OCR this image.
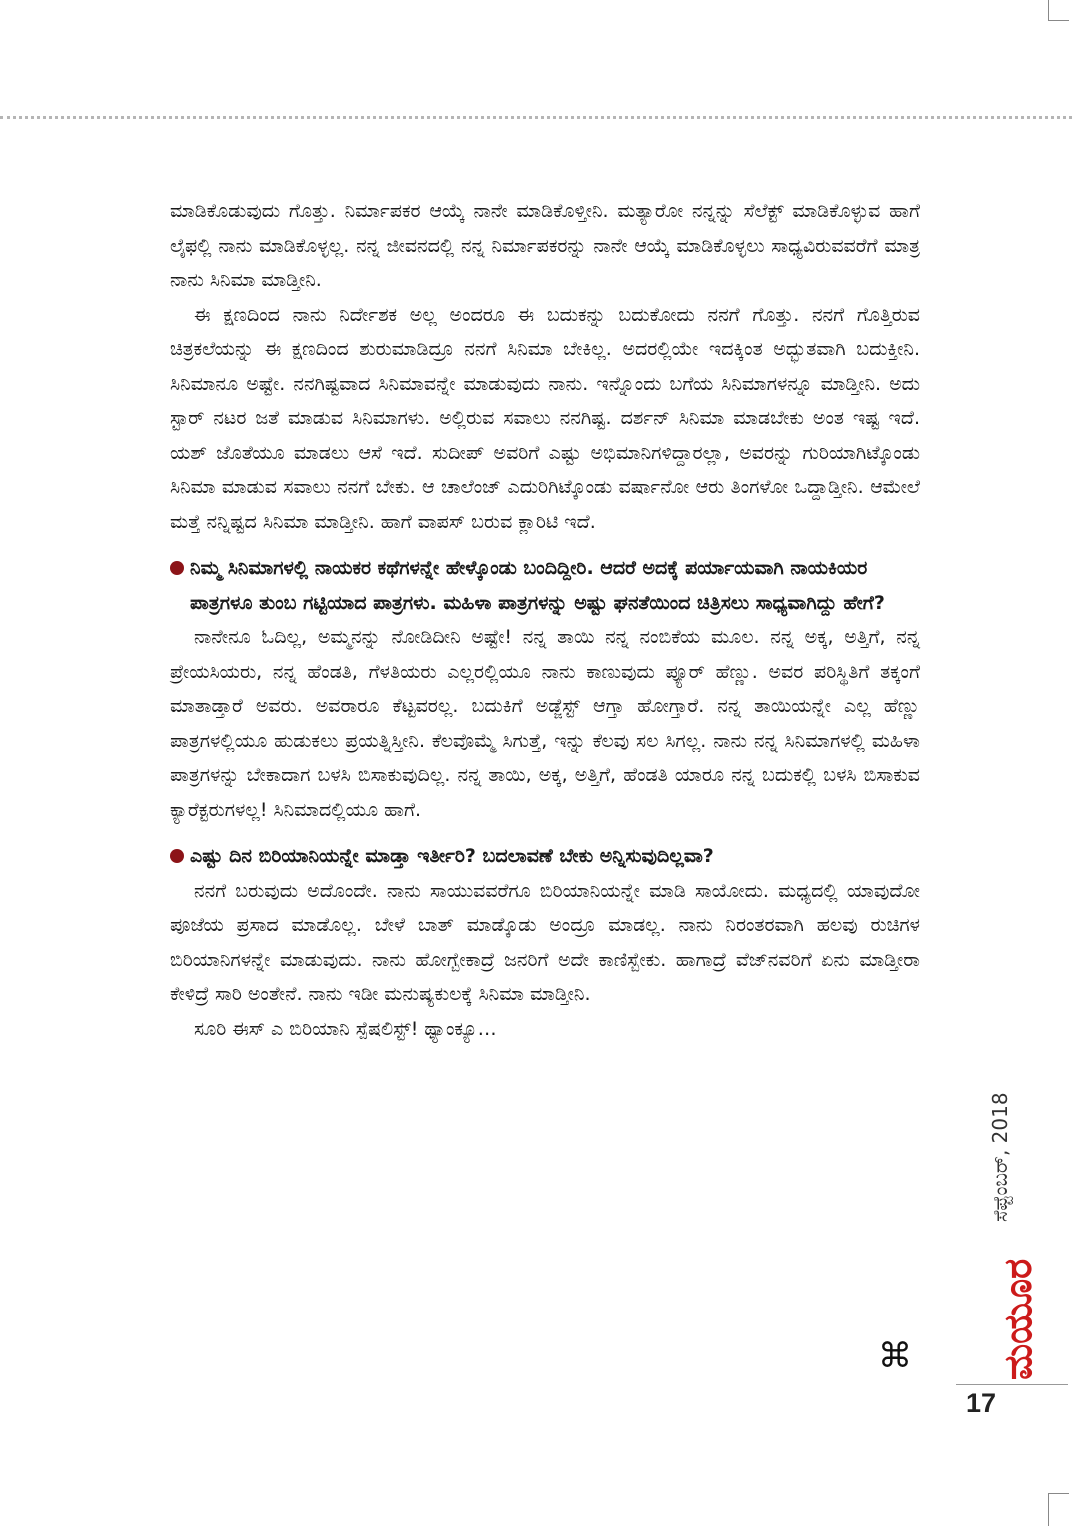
ಮಾಡಿಕೊಡುವುದು ಗೊತ್ತು. ನಿರ್ಮಾಪಕರ ಆಯ್ಕೆ ನಾನೇ ಮಾಡಿಕೊಳ್ತೀನಿ. ಮತ್ಯಾರೋ ನನ್ನನ್ನು ಸೆಲೆಕ್ಟ್ ಮಾಡಿಕೊಳ್ಳುವ ಹಾಗೆ ಲೈಫಲ್ಲಿ ನಾನು ಮಾಡಿಕೊಳ್ಳಲ್ಲ. ನನ್ನ ಜೀವನದಲ್ಲಿ ನನ್ನ ನಿರ್ಮಾಪಕರನ್ನು ನಾನೇ ಆಯ್ಕೆ ಮಾಡಿಕೊಳ್ಳಲು ಸಾಧ್ಯವಿರುವವರೆಗೆ ಮಾತ್ರ ನಾನು ಸಿನಿಮಾ ಮಾಡ್ತೀನಿ.

ಈ ಕ್ಷಣದಿಂದ ನಾನು ನಿರ್ದೇಶಕ ಅಲ್ಲ ಅಂದರೂ ಈ ಬದುಕನ್ನು ಬದುಕೋದು ನನಗೆ ಗೊತ್ತು. ನನಗೆ ಗೊತ್ತಿರುವ ಚಿತ್ರಕಲೆಯನ್ನು ಈ ಕ್ಷಣದಿಂದ ಶುರುಮಾಡಿದ್ರೂ ನನಗೆ ಸಿನಿಮಾ ಬೇಕಿಲ್ಲ. ಅದರಲ್ಲಿಯೇ ಇದಕ್ಕಿಂತ ಅದ್ಭುತವಾಗಿ ಬದುಕ್ತೀನಿ. ಸಿನಿಮಾನೂ ಅಷ್ಟೇ. ನನಗಿಷ್ಟವಾದ ಸಿನಿಮಾವನ್ನೇ ಮಾಡುವುದು ನಾನು. ಇನ್ನೊಂದು ಬಗೆಯ ಸಿನಿಮಾಗಳನ್ನೂ ಮಾಡ್ತೀನಿ. ಅದು ಸ್ಟಾರ್ ನಟರ ಜತೆ ಮಾಡುವ ಸಿನಿಮಾಗಳು. ಅಲ್ಲಿರುವ ಸವಾಲು ನನಗಿಷ್ಟ. ದರ್ಶನ್ ಸಿನಿಮಾ ಮಾಡಬೇಕು ಅಂತ ಇಷ್ಟ ಇದೆ. ಯಶ್ ಜೊತೆಯೂ ಮಾಡಲು ಆಸೆ ಇದೆ. ಸುದೀಪ್ ಅವರಿಗೆ ಎಷ್ಟು ಅಭಿಮಾನಿಗಳಿದ್ದಾರಲ್ಲಾ, ಅವರನ್ನು ಗುರಿಯಾಗಿಟ್ಕೊಂಡು ಸಿನಿಮಾ ಮಾಡುವ ಸವಾಲು ನನಗೆ ಬೇಕು. ಆ ಚಾಲೆಂಜ್ ಎದುರಿಗಿಟ್ಕೊಂಡು ವರ್ಷಾನೋ ಆರು ತಿಂಗಳೋ ಒದ್ದಾಡ್ತೀನಿ. ಆಮೇಲೆ ಮತ್ತೆ ನನ್ನಿಷ್ಟದ ಸಿನಿಮಾ ಮಾಡ್ತೀನಿ. ಹಾಗೆ ವಾಪಸ್ ಬರುವ ಕ್ಲಾರಿಟಿ ಇದೆ.

ನಿಮ್ಮ ಸಿನಿಮಾಗಳಲ್ಲಿ ನಾಯಕರ ಕಥೆಗಳನ್ನೇ ಹೇಳ್ಕೊಂಡು ಬಂದಿದ್ದೀರಿ. ಆದರೆ ಅದಕ್ಕೆ ಪರ್ಯಾಯವಾಗಿ ನಾಯಕಿಯರ ಪಾತ್ರಗಳೂ ತುಂಬ ಗಟ್ಟಿಯಾದ ಪಾತ್ರಗಳು. ಮಹಿಳಾ ಪಾತ್ರಗಳನ್ನು ಅಷ್ಟು ಘನತೆಯಿಂದ ಚಿತ್ರಿಸಲು ಸಾಧ್ಯವಾಗಿದ್ದು ಹೇಗೆ?

ನಾನೇನೂ ಓದಿಲ್ಲ, ಅಮ್ಮನನ್ನು ನೋಡಿದೀನಿ ಅಷ್ಟೇ! ನನ್ನ ತಾಯಿ ನನ್ನ ನಂಬಿಕೆಯ ಮೂಲ. ನನ್ನ ಅಕ್ಕ, ಅತ್ತಿಗೆ, ನನ್ನ ಪ್ರೇಯಸಿಯರು, ನನ್ನ ಹೆಂಡತಿ, ಗೆಳತಿಯರು ಎಲ್ಲರಲ್ಲಿಯೂ ನಾನು ಕಾಣುವುದು ಪ್ಯೂರ್ ಹೆಣ್ಣು. ಅವರ ಪರಿಸ್ಥಿತಿಗೆ ತಕ್ಕಂಗೆ ಮಾತಾಡ್ತಾರೆ ಅವರು. ಅವರಾರೂ ಕೆಟ್ಟವರಲ್ಲ. ಬದುಕಿಗೆ ಅಡ್ಜೆಸ್ಟ್ ಆಗ್ತಾ ಹೋಗ್ತಾರೆ. ನನ್ನ ತಾಯಿಯನ್ನೇ ಎಲ್ಲ ಹೆಣ್ಣು ಪಾತ್ರಗಳಲ್ಲಿಯೂ ಹುಡುಕಲು ಪ್ರಯತ್ನಿಸ್ತೀನಿ. ಕೆಲವೊಮ್ಮೆ ಸಿಗುತ್ತೆ, ಇನ್ನು ಕೆಲವು ಸಲ ಸಿಗಲ್ಲ. ನಾನು ನನ್ನ ಸಿನಿಮಾಗಳಲ್ಲಿ ಮಹಿಳಾ ಪಾತ್ರಗಳನ್ನು ಬೇಕಾದಾಗ ಬಳಸಿ ಬಿಸಾಕುವುದಿಲ್ಲ. ನನ್ನ ತಾಯಿ, ಅಕ್ಕ, ಅತ್ತಿಗೆ, ಹೆಂಡತಿ ಯಾರೂ ನನ್ನ ಬದುಕಲ್ಲಿ ಬಳಸಿ ಬಿಸಾಕುವ ಕ್ಯಾರೆಕ್ಟರುಗಳಲ್ಲ! ಸಿನಿಮಾದಲ್ಲಿಯೂ ಹಾಗೆ.

ಎಷ್ಟು ದಿನ ಬಿರಿಯಾನಿಯನ್ನೇ ಮಾಡ್ತಾ ಇರ್ತೀರಿ? ಬದಲಾವಣೆ ಬೇಕು ಅನ್ನಿಸುವುದಿಲ್ಲವಾ?

ನನಗೆ ಬರುವುದು ಅದೊಂದೇ. ನಾನು ಸಾಯುವವರೆಗೂ ಬಿರಿಯಾನಿಯನ್ನೇ ಮಾಡಿ ಸಾಯೋದು. ಮಧ್ಯದಲ್ಲಿ ಯಾವುದೋ ಪೂಜೆಯ ಪ್ರಸಾದ ಮಾಡೊಲ್ಲ. ಬೇಳೆ ಬಾತ್ ಮಾಡ್ಕೊಡು ಅಂದ್ರೂ ಮಾಡಲ್ಲ. ನಾನು ನಿರಂತರವಾಗಿ ಹಲವು ರುಚಿಗಳ ಬಿರಿಯಾನಿಗಳನ್ನೇ ಮಾಡುವುದು. ನಾನು ಹೋಗ್ಬೇಕಾದ್ರೆ ಜನರಿಗೆ ಅದೇ ಕಾಣಿಸ್ಬೇಕು. ಹಾಗಾದ್ರೆ ವೆಜ್‌ನವರಿಗೆ ಏನು ಮಾಡ್ತೀರಾ ಕೇಳಿದ್ರೆ ಸಾರಿ ಅಂತೇನೆ. ನಾನು ಇಡೀ ಮನುಷ್ಯಕುಲಕ್ಕೆ ಸಿನಿಮಾ ಮಾಡ್ತೀನಿ.

ಸೂರಿ ಈಸ್ ಎ ಬಿರಿಯಾನಿ ಸ್ಪೆಷಲಿಸ್ಟ್! ಥ್ಯಾಂಕ್ಯೂ…

⌘
ಸೆಪ್ಟೆಂಬರ್, 2018
ಮಯೂರ
17
